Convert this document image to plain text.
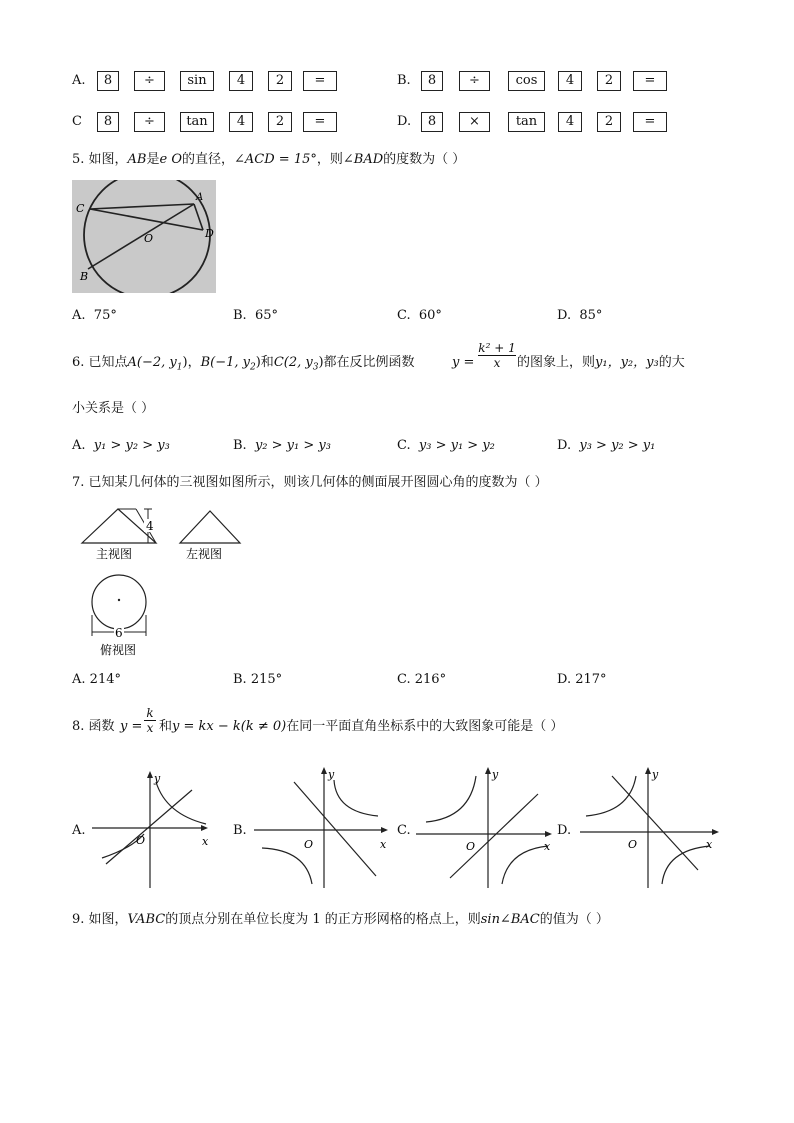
A.	8	÷	sin	4	2	=	B.	8	÷	cos	4	2	=
C	8	÷	tan	4	2	=	D.	8	×	tan	4	2	=
5. 如图，AB是e O的直径，∠ACD = 15°，则∠BAD的度数为（ ）
A
C
O	D
B
A. 75°	B. 65°	C. 60°	D. 85°
6. 已知点A(−2, $y_1$)，B(−1, $y_2$)和C(2, $y_3$)都在反比例函数	$y = \frac{\text{k² + 1}}{x}$ 的图象上，则y₁，y₂，y₃的大
小关系是（ ）
A. y₁ > y₂ > y₃	B. y₂ > y₁ > y₃	C. y₃ > y₁ > y₂	D. y₃ > y₂ > y₁
7. 已知某几何体的三视图如图所示，则该几何体的侧面展开图圆心角的度数为（ ）
4
主视图	左视图
6
俯视图
A. 214°	B. 215°	C. 216°	D. 217°
8. 函数 $y = \frac{k}{x}$ 和y = kx − k(k ≠ 0)在同一平面直角坐标系中的大致图象可能是（ ）
A.
y
x
O
B.
y
x
O
C.
y
x
O
D.
y
x
O
9. 如图，VABC的顶点分别在单位长度为 1 的正方形网格的格点上，则sin∠BAC的值为（ ）
